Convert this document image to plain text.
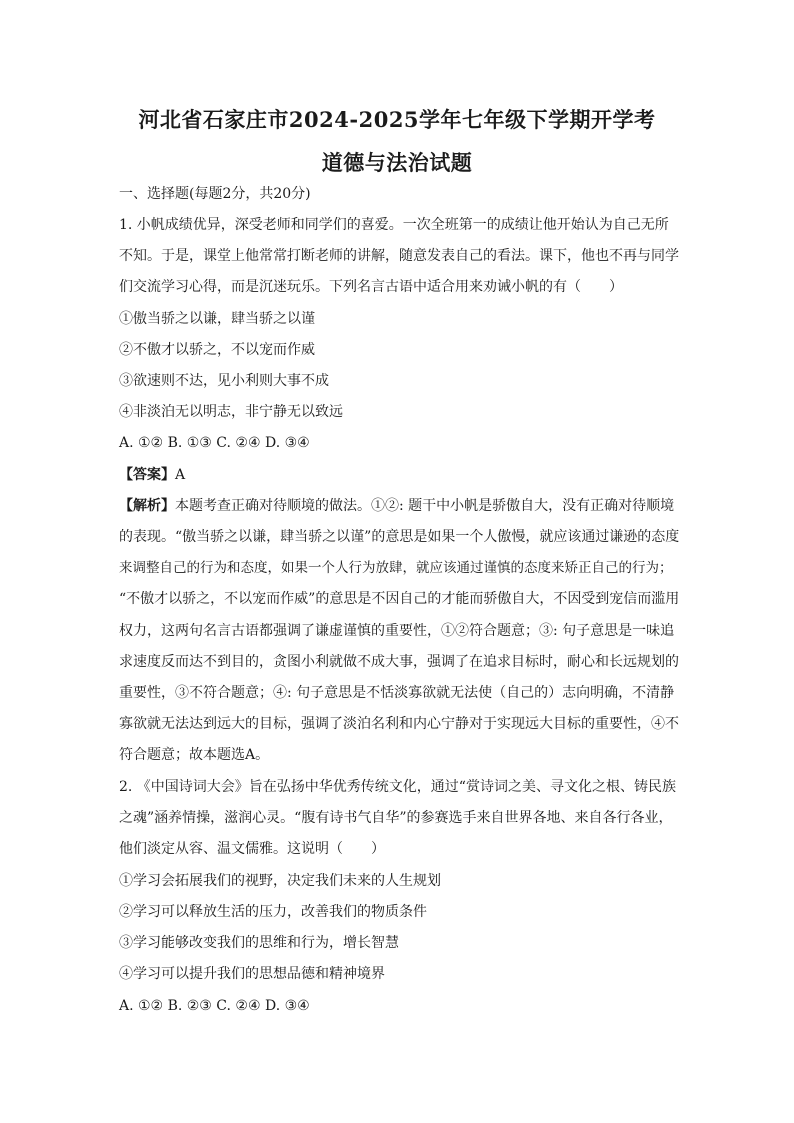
河北省石家庄市2024-2025学年七年级下学期开学考
道德与法治试题
一、选择题(每题2分，共20分)
1. 小帆成绩优异，深受老师和同学们的喜爱。一次全班第一的成绩让他开始认为自己无所
不知。于是，课堂上他常常打断老师的讲解，随意发表自己的看法。课下，他也不再与同学
们交流学习心得，而是沉迷玩乐。下列名言古语中适合用来劝诫小帆的有（　　）
①傲当骄之以谦，肆当骄之以谨
②不傲才以骄之，不以宠而作威
③欲速则不达，见小利则大事不成
④非淡泊无以明志，非宁静无以致远
A. ①② B. ①③ C. ②④ D. ③④
【答案】A
【解析】本题考查正确对待顺境的做法。①②: 题干中小帆是骄傲自大，没有正确对待顺境
的表现。“傲当骄之以谦，肆当骄之以谨”的意思是如果一个人傲慢，就应该通过谦逊的态度
来调整自己的行为和态度，如果一个人行为放肆，就应该通过谨慎的态度来矫正自己的行为；
“不傲才以骄之，不以宠而作威”的意思是不因自己的才能而骄傲自大，不因受到宠信而滥用
权力，这两句名言古语都强调了谦虚谨慎的重要性，①②符合题意；③: 句子意思是一味追
求速度反而达不到目的，贪图小利就做不成大事，强调了在追求目标时，耐心和长远规划的
重要性，③不符合题意；④: 句子意思是不恬淡寡欲就无法使（自己的）志向明确，不清静
寡欲就无法达到远大的目标，强调了淡泊名利和内心宁静对于实现远大目标的重要性，④不
符合题意；故本题选A。
2. 《中国诗词大会》旨在弘扬中华优秀传统文化，通过“赏诗词之美、寻文化之根、铸民族
之魂”涵养情操，滋润心灵。“腹有诗书气自华”的参赛选手来自世界各地、来自各行各业，
他们淡定从容、温文儒雅。这说明（　　）
①学习会拓展我们的视野，决定我们未来的人生规划
②学习可以释放生活的压力，改善我们的物质条件
③学习能够改变我们的思维和行为，增长智慧
④学习可以提升我们的思想品德和精神境界
A. ①② B. ②③ C. ②④ D. ③④
